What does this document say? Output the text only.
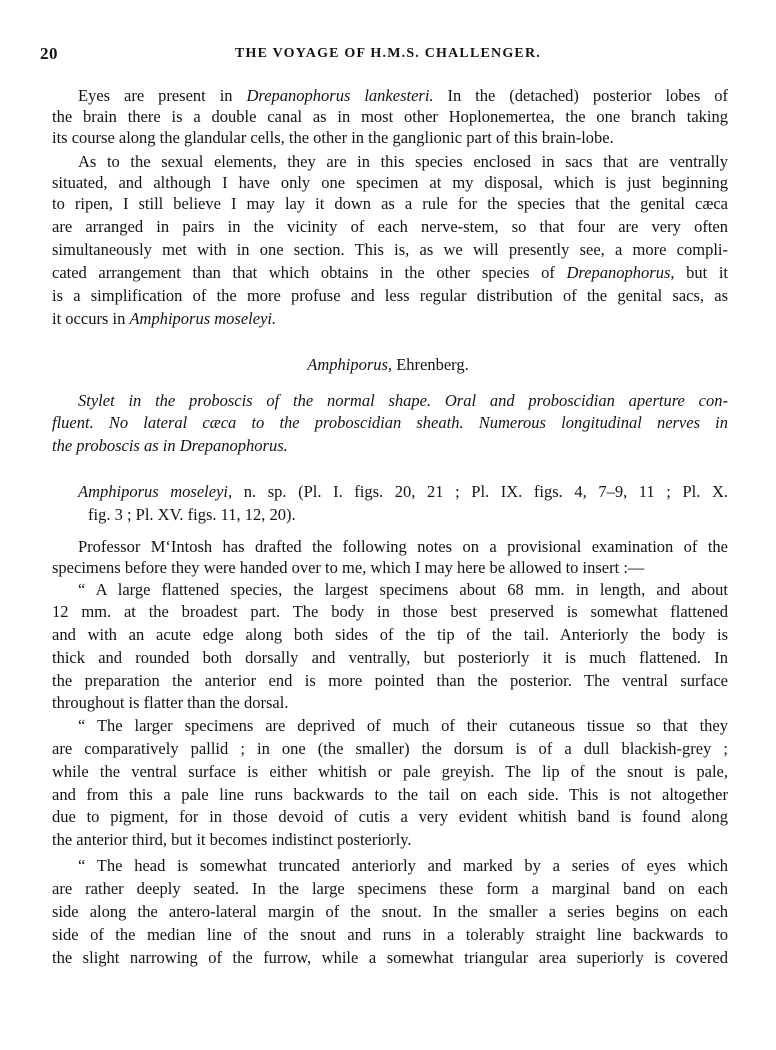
20	THE VOYAGE OF H.M.S. CHALLENGER.
Eyes are present in Drepanophorus lankesteri. In the (detached) posterior lobes of
the brain there is a double canal as in most other Hoplonemertea, the one branch taking
its course along the glandular cells, the other in the ganglionic part of this brain-lobe.
As to the sexual elements, they are in this species enclosed in sacs that are ventrally
situated, and although I have only one specimen at my disposal, which is just beginning
to ripen, I still believe I may lay it down as a rule for the species that the genital cæca
are arranged in pairs in the vicinity of each nerve-stem, so that four are very often
simultaneously met with in one section. This is, as we will presently see, a more compli-
cated arrangement than that which obtains in the other species of Drepanophorus, but it
is a simplification of the more profuse and less regular distribution of the genital sacs, as
it occurs in Amphiporus moseleyi.
Amphiporus, Ehrenberg.
Stylet in the proboscis of the normal shape. Oral and proboscidian aperture con-
fluent. No lateral cæca to the proboscidian sheath. Numerous longitudinal nerves in
the proboscis as in Drepanophorus.
Amphiporus moseleyi, n. sp. (Pl. I. figs. 20, 21 ; Pl. IX. figs. 4, 7–9, 11 ; Pl. X.
fig. 3 ; Pl. XV. figs. 11, 12, 20).
Professor M‘Intosh has drafted the following notes on a provisional examination of the
specimens before they were handed over to me, which I may here be allowed to insert :—
“ A large flattened species, the largest specimens about 68 mm. in length, and about
12 mm. at the broadest part. The body in those best preserved is somewhat flattened
and with an acute edge along both sides of the tip of the tail. Anteriorly the body is
thick and rounded both dorsally and ventrally, but posteriorly it is much flattened. In
the preparation the anterior end is more pointed than the posterior. The ventral surface
throughout is flatter than the dorsal.
“ The larger specimens are deprived of much of their cutaneous tissue so that they
are comparatively pallid ; in one (the smaller) the dorsum is of a dull blackish-grey ;
while the ventral surface is either whitish or pale greyish. The lip of the snout is pale,
and from this a pale line runs backwards to the tail on each side. This is not altogether
due to pigment, for in those devoid of cutis a very evident whitish band is found along
the anterior third, but it becomes indistinct posteriorly.
“ The head is somewhat truncated anteriorly and marked by a series of eyes which
are rather deeply seated. In the large specimens these form a marginal band on each
side along the antero-lateral margin of the snout. In the smaller a series begins on each
side of the median line of the snout and runs in a tolerably straight line backwards to
the slight narrowing of the furrow, while a somewhat triangular area superiorly is covered
